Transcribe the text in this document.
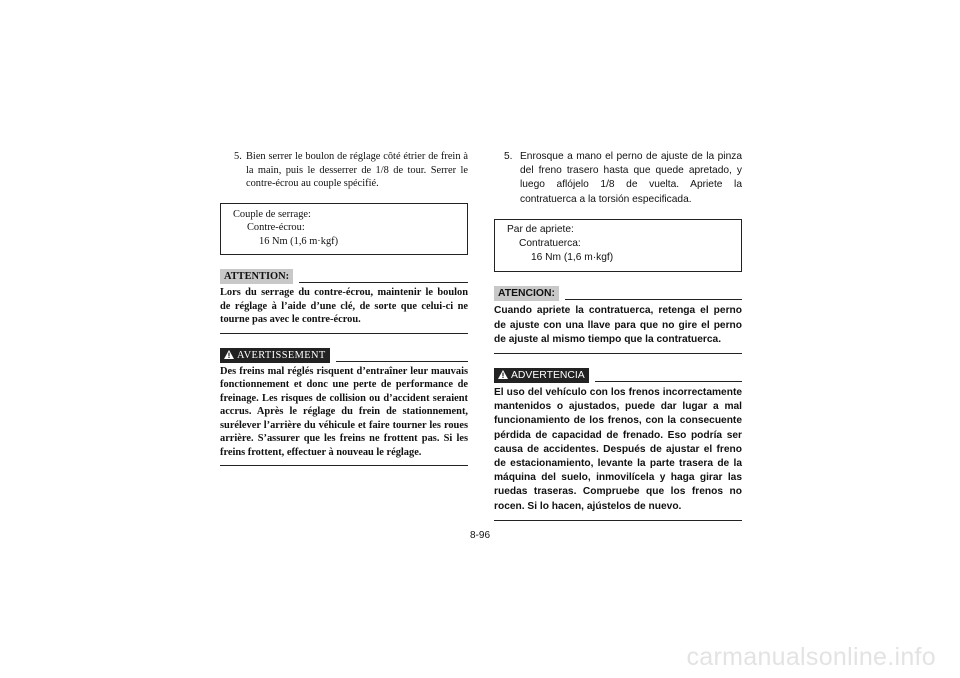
5. Bien serrer le boulon de réglage côté étrier de frein à la main, puis le desserrer de 1/8 de tour. Serrer le contre-écrou au couple spécifié.
Couple de serrage:
Contre-écrou:
16 Nm (1,6 m·kgf)
ATTENTION:
Lors du serrage du contre-écrou, maintenir le boulon de réglage à l’aide d’une clé, de sorte que celui-ci ne tourne pas avec le contre-écrou.
AVERTISSEMENT
Des freins mal réglés risquent d’entraîner leur mauvais fonctionnement et donc une perte de performance de freinage. Les risques de collision ou d’accident seraient accrus. Après le réglage du frein de stationnement, surélever l’arrière du véhicule et faire tourner les roues arrière. S’assurer que les freins ne frottent pas. Si les freins frottent, effectuer à nouveau le réglage.
5. Enrosque a mano el perno de ajuste de la pinza del freno trasero hasta que quede apretado, y luego aflójelo 1/8 de vuelta. Apriete la contratuerca a la torsión especificada.
Par de apriete:
Contratuerca:
16 Nm (1,6 m·kgf)
ATENCION:
Cuando apriete la contratuerca, retenga el perno de ajuste con una llave para que no gire el perno de ajuste al mismo tiempo que la contratuerca.
ADVERTENCIA
El uso del vehículo con los frenos incorrectamente mantenidos o ajustados, puede dar lugar a mal funcionamiento de los frenos, con la consecuente pérdida de capacidad de frenado. Eso podría ser causa de accidentes. Después de ajustar el freno de estacionamiento, levante la parte trasera de la máquina del suelo, inmovilícela y haga girar las ruedas traseras. Compruebe que los frenos no rocen. Si lo hacen, ajústelos de nuevo.
8-96
carmanualsonline.info
